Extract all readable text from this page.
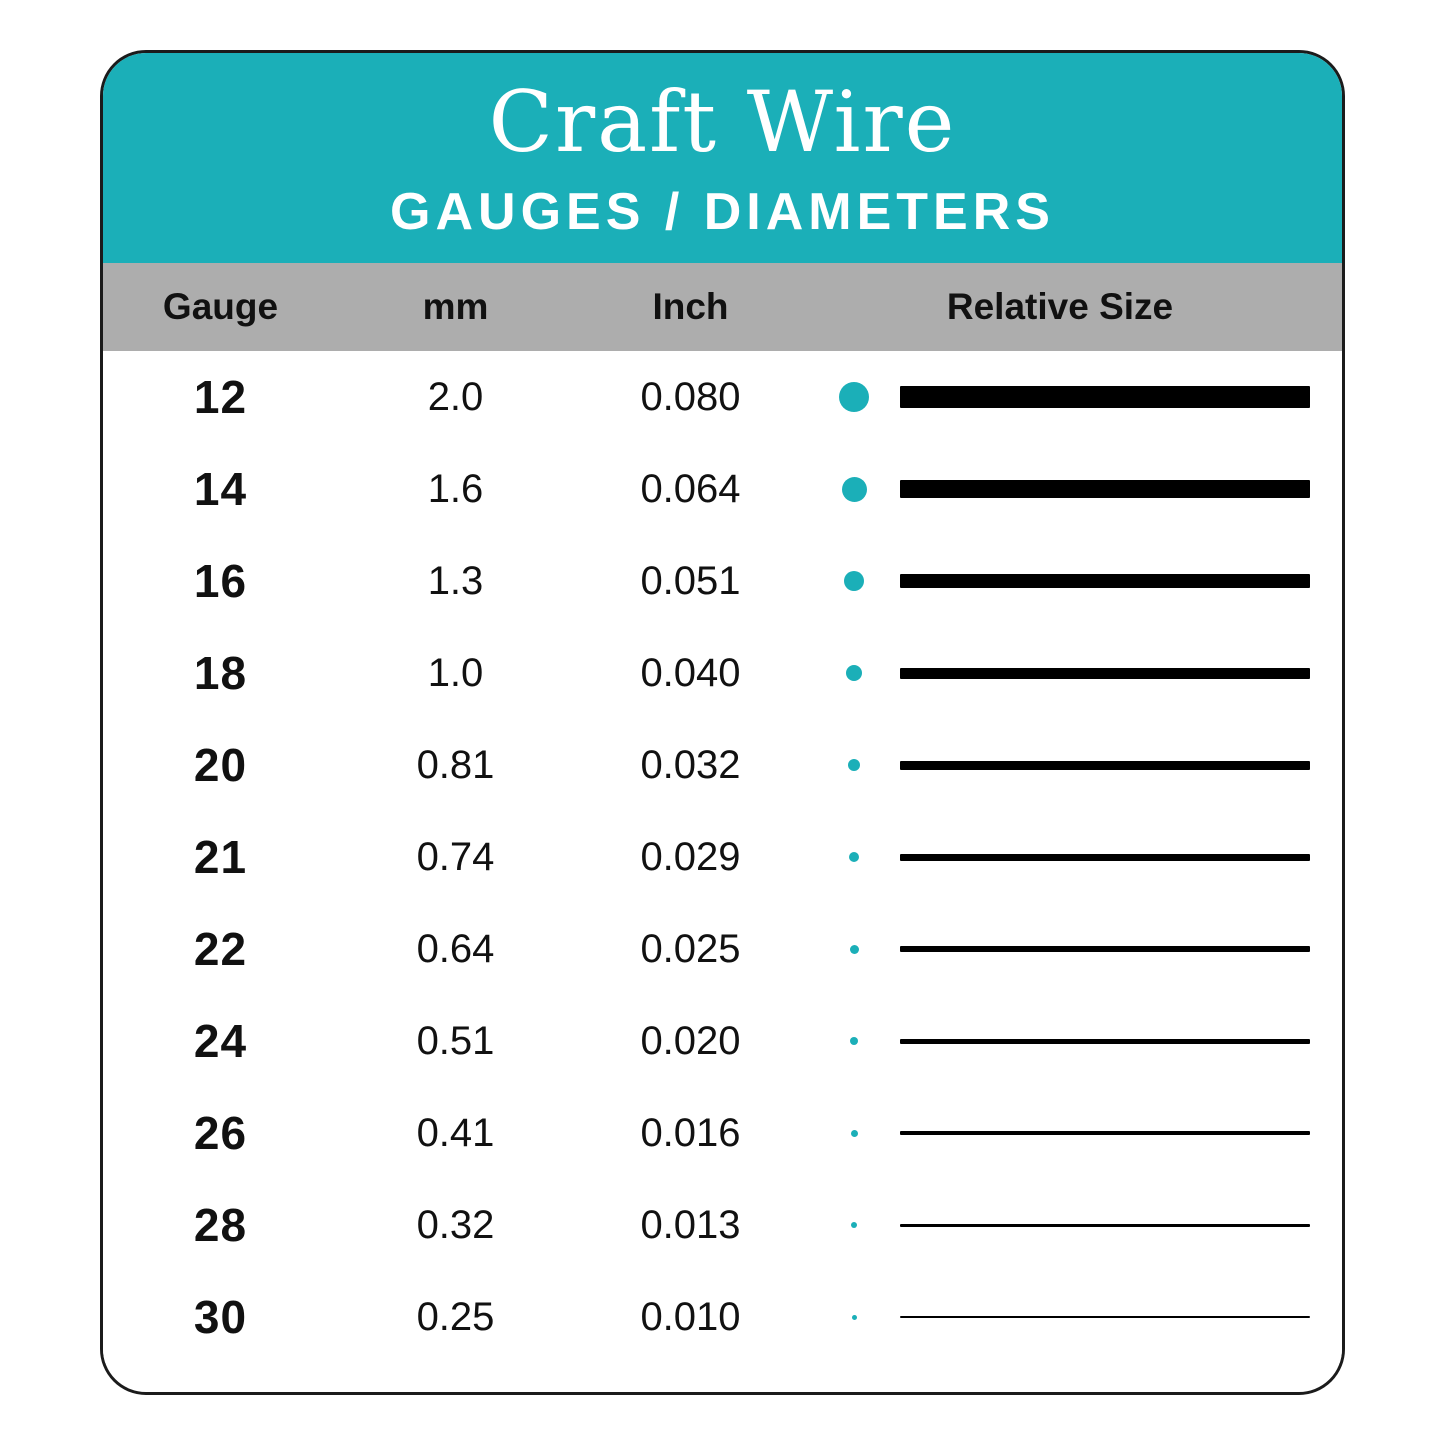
Craft Wire
GAUGES / DIAMETERS
Gauge	mm	Inch	Relative Size
12	2.0	0.080
14	1.6	0.064
16	1.3	0.051
18	1.0	0.040
20	0.81	0.032
21	0.74	0.029
22	0.64	0.025
24	0.51	0.020
26	0.41	0.016
28	0.32	0.013
30	0.25	0.010
